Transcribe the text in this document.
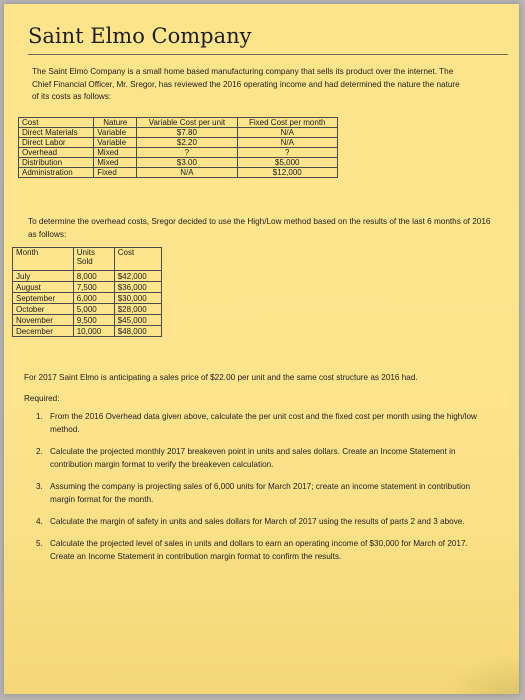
Saint Elmo Company

The Saint Elmo Company is a small home based manufacturing company that sells its product over the internet. The Chief Financial Officer, Mr. Sregor, has reviewed the 2016 operating income and had determined the nature the nature of its costs as follows:

Cost	Nature	Variable Cost per unit	Fixed Cost per month
Direct Materials	Variable	$7.80	N/A
Direct Labor	Variable	$2.20	N/A
Overhead	Mixed	?	?
Distribution	Mixed	$3.00	$5,000
Administration	Fixed	N/A	$12,000

To determine the overhead costs, Sregor decided to use the High/Low method based on the results of the last 6 months of 2016 as follows:

Month	Units Sold	Cost
July	8,000	$42,000
August	7,500	$36,000
September	6,000	$30,000
October	5,000	$28,000
November	9,500	$45,000
December	10,000	$48,000

For 2017 Saint Elmo is anticipating a sales price of $22.00 per unit and the same cost structure as 2016 had.

Required:

1. From the 2016 Overhead data given above, calculate the per unit cost and the fixed cost per month using the high/low method.
2. Calculate the projected monthly 2017 breakeven point in units and sales dollars. Create an Income Statement in contribution margin format to verify the breakeven calculation.
3. Assuming the company is projecting sales of 6,000 units for March 2017; create an income statement in contribution margin format for the month.
4. Calculate the margin of safety in units and sales dollars for March of 2017 using the results of parts 2 and 3 above.
5. Calculate the projected level of sales in units and dollars to earn an operating income of $30,000 for March of 2017. Create an Income Statement in contribution margin format to confirm the results.
